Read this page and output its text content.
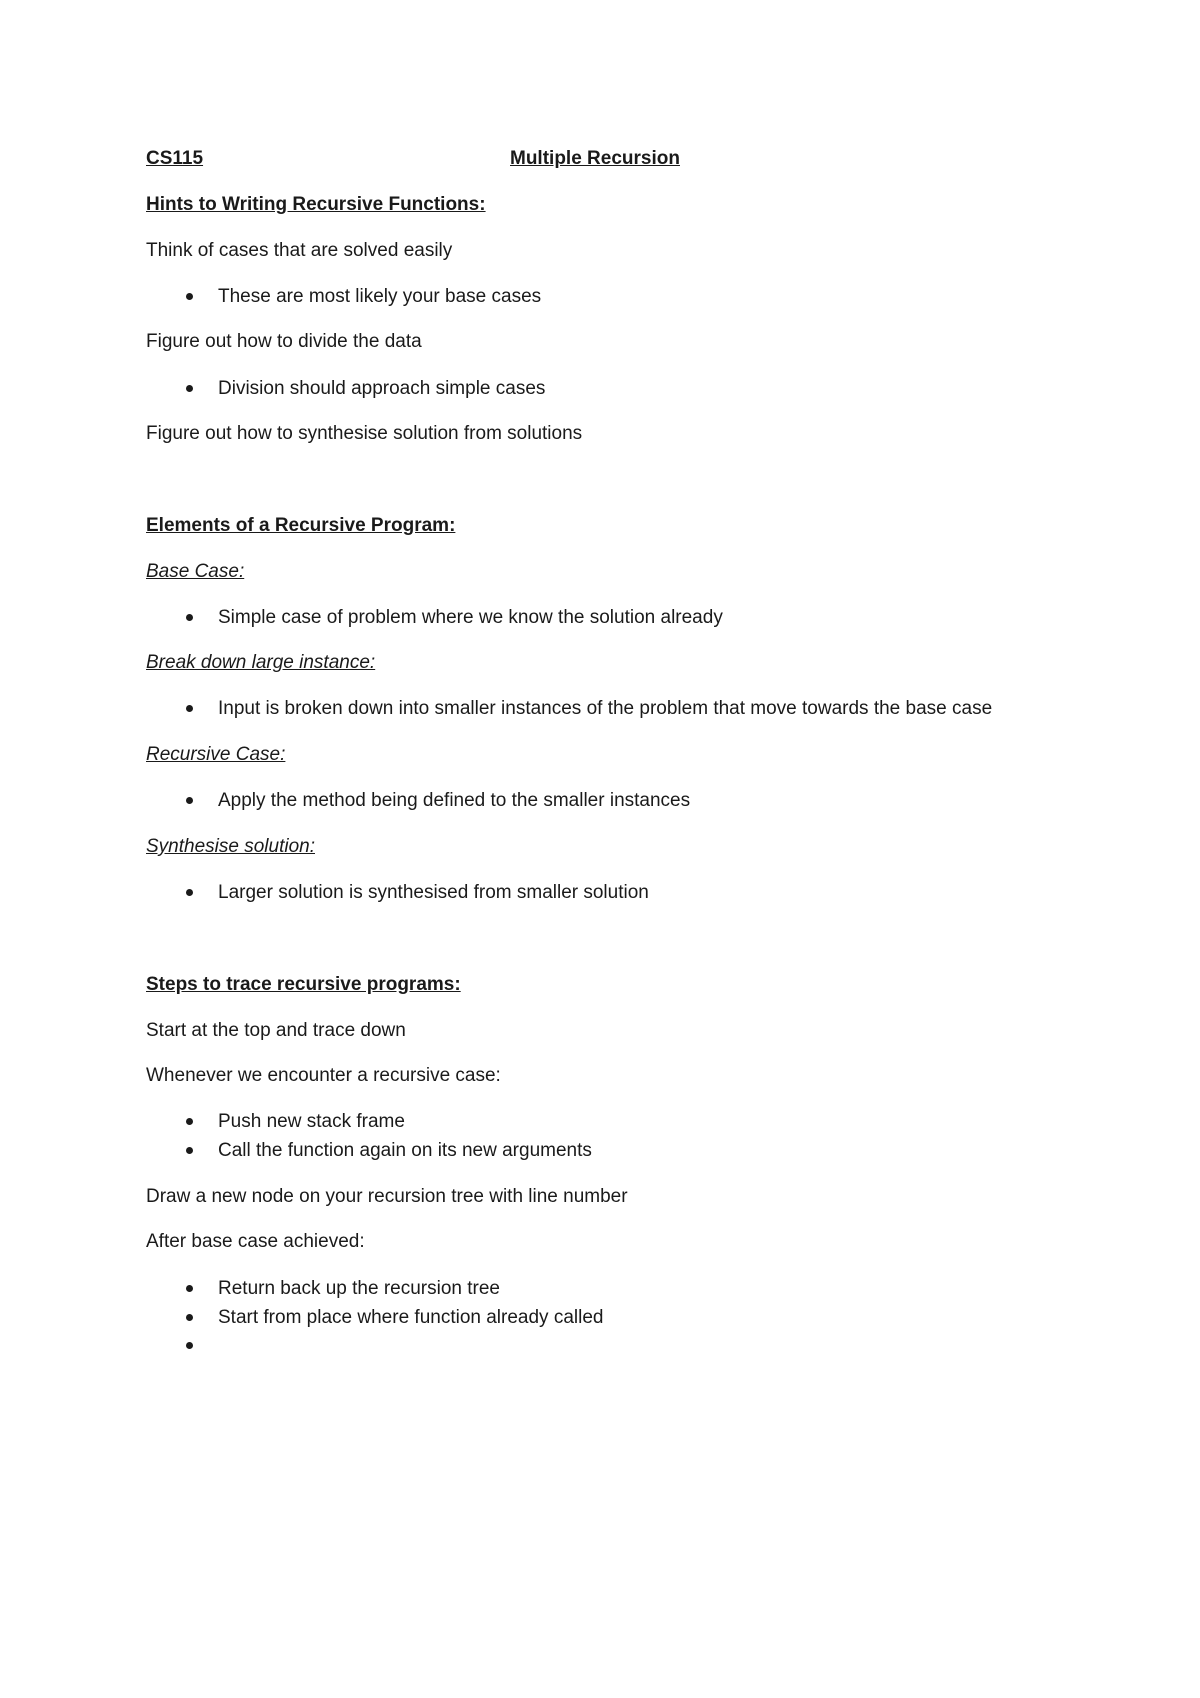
CS115	Multiple Recursion
Hints to Writing Recursive Functions:
Think of cases that are solved easily
These are most likely your base cases
Figure out how to divide the data
Division should approach simple cases
Figure out how to synthesise solution from solutions
Elements of a Recursive Program:
Base Case:
Simple case of problem where we know the solution already
Break down large instance:
Input is broken down into smaller instances of the problem that move towards the base case
Recursive Case:
Apply the method being defined to the smaller instances
Synthesise solution:
Larger solution is synthesised from smaller solution
Steps to trace recursive programs:
Start at the top and trace down
Whenever we encounter a recursive case:
Push new stack frame
Call the function again on its new arguments
Draw a new node on your recursion tree with line number
After base case achieved:
Return back up the recursion tree
Start from place where function already called
